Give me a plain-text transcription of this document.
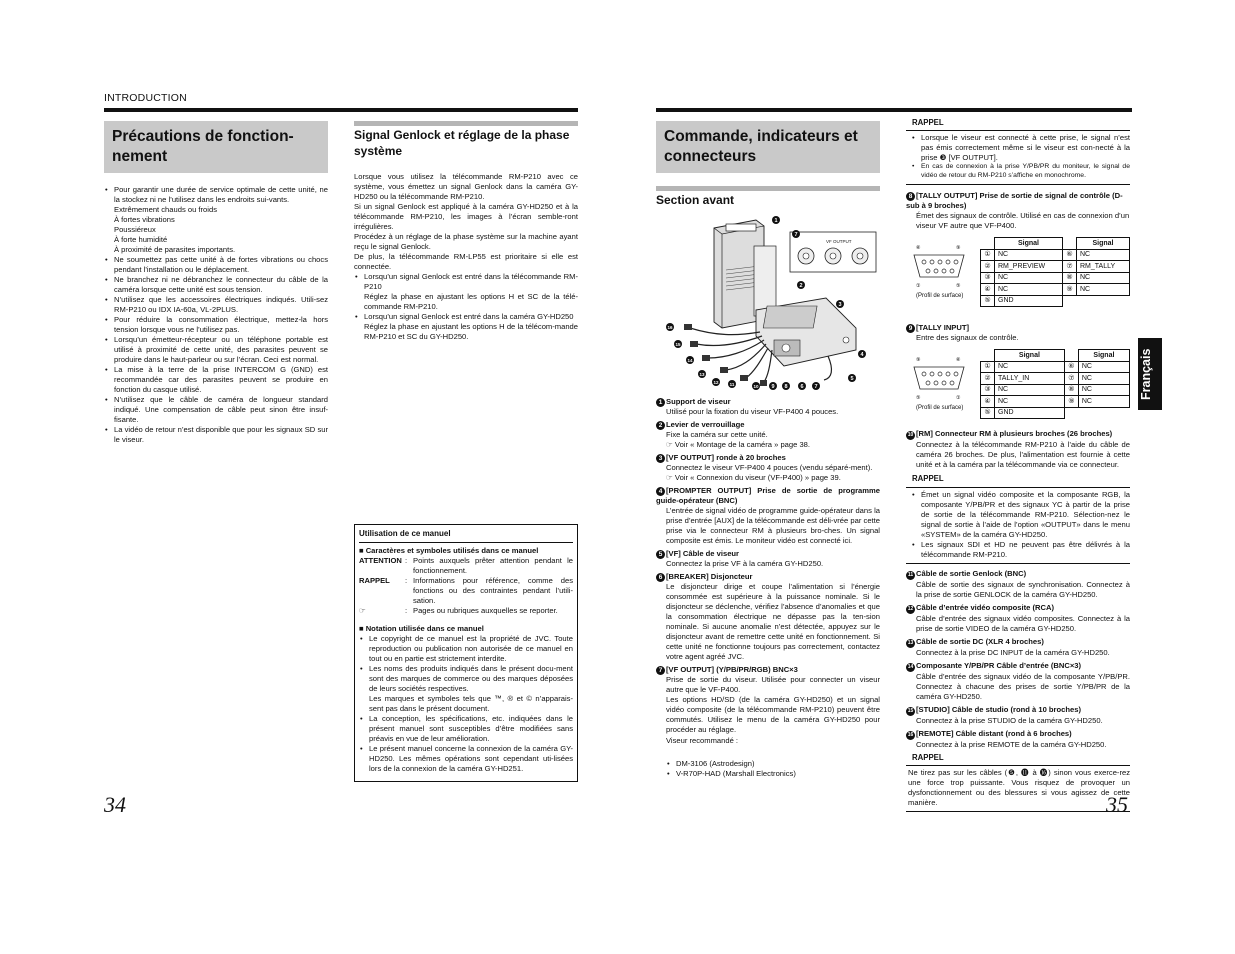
INTRODUCTION
Précautions de fonction-
nement
• Pour garantir une durée de service optimale de cette unité, ne la stockez ni ne l’utilisez dans les endroits sui-vants.
Extrêmement chauds ou froids
À fortes vibrations
Poussiéreux
À forte humidité
À proximité de parasites importants.
• Ne soumettez pas cette unité à de fortes vibrations ou chocs pendant l’installation ou le déplacement.
• Ne branchez ni ne débranchez le connecteur du câble de la caméra lorsque cette unité est sous tension.
• N’utilisez que les accessoires électriques indiqués. Utili-sez RM-P210 ou IDX IA-60a, VL-2PLUS.
• Pour réduire la consommation électrique, mettez-la hors tension lorsque vous ne l’utilisez pas.
• Lorsqu’un émetteur-récepteur ou un téléphone portable est utilisé à proximité de cette unité, des parasites peuvent se produire dans le haut-parleur ou sur l’écran. Ceci est normal.
• La mise à la terre de la prise INTERCOM G (GND) est recommandée car des parasites peuvent se produire en fonction du casque utilisé.
• N’utilisez que le câble de caméra de longueur standard indiqué. Une compensation de câble peut sinon être insuf-fisante.
• La vidéo de retour n’est disponible que pour les signaux SD sur le viseur.
34
Signal Genlock et réglage de la phase système

Lorsque vous utilisez la télécommande RM-P210 avec ce système, vous émettez un signal Genlock dans la caméra GY-HD250 ou la télécommande RM-P210.

Si un signal Genlock est appliqué à la caméra GY-HD250 et à la télécommande RM-P210, les images à l’écran semble-ront irrégulières.

Procédez à un réglage de la phase système sur la machine ayant reçu le signal Genlock.

De plus, la télécommande RM-LP55 est prioritaire si elle est connectée.

• Lorsqu’un signal Genlock est entré dans la télécommande RM-P210
Réglez la phase en ajustant les options H et SC de la télé-commande RM-P210.
• Lorsqu’un signal Genlock est entré dans la caméra GY-HD250
Réglez la phase en ajustant les options H de la télécom-mande RM-P210 et SC du GY-HD250.
Utilisation de ce manuel
■ Caractères et symboles utilisés dans ce manuel
ATTENTION : Points auxquels prêter attention pendant le fonctionnement.
RAPPEL	: Informations pour référence, comme des fonctions ou des contraintes pendant l’utili-sation.
☞	: Pages ou rubriques auxquelles se reporter.
■ Notation utilisée dans ce manuel
• Le copyright de ce manuel est la propriété de JVC. Toute reproduction ou publication non autorisée de ce manuel en tout ou en partie est strictement interdite.
• Les noms des produits indiqués dans le présent docu-ment sont des marques de commerce ou des marques déposées de leurs sociétés respectives.
Les marques et symboles tels que ™, ® et © n’apparais-sent pas dans le présent document.
• La conception, les spécifications, etc. indiquées dans le présent manuel sont susceptibles d’être modifiées sans préavis en vue de leur amélioration.
• Le présent manuel concerne la connexion de la caméra GY-HD250. Les mêmes opérations sont cependant uti-lisées lors de la connexion de la caméra GY-HD251.
Commande, indicateurs et
connecteurs
Section avant
VF OUTPUT
1
2
7
3
4
5
16
15
14
13
12 11	10 9 8 6 7
1 Support de viseur
Utilisé pour la fixation du viseur VF-P400 4 pouces.
2 Levier de verrouillage
Fixe la caméra sur cette unité.
☞ Voir « Montage de la caméra » page 38.
3 [VF OUTPUT] ronde à 20 broches
Connectez le viseur VF-P400 4 pouces (vendu séparé-ment).
☞ Voir « Connexion du viseur (VF-P400) » page 39.
4 [PROMPTER OUTPUT] Prise de sortie de programme guide-opérateur (BNC)
L’entrée de signal vidéo de programme guide-opérateur dans la prise d’entrée [AUX] de la télécommande est déli-vrée par cette prise via le connecteur RM à plusieurs bro-ches. Un signal composite est émis. Le moniteur vidéo est connecté ici.
5 [VF] Câble de viseur
Connectez la prise VF à la caméra GY-HD250.
6 [BREAKER] Disjoncteur
Le disjoncteur dirige et coupe l’alimentation si l’énergie consommée est supérieure à la puissance nominale. Si le disjoncteur se déclenche, vérifiez l’absence d’anomalies et que la consommation électrique ne dépasse pas la ten-sion nominale. Si aucune anomalie n’est détectée, appuyez sur le disjoncteur avant de remettre cette unité en fonctionnement. Si cette unité ne fonctionne toujours pas correctement, contactez votre agent agréé JVC.
7 [VF OUTPUT] (Y/PB/PR/RGB) BNC×3
Prise de sortie du viseur. Utilisée pour connecter un viseur autre que le VF-P400.
Les options HD/SD (de la caméra GY-HD250) et un signal vidéo composite (de la télécommande RM-P210) peuvent être commutés. Utilisez le menu de la caméra GY-HD250 pour procéder au réglage.
Viseur recommandé :
• DM-3106 (Astrodesign)
• V-R70P-HAD (Marshall Electronics)
RAPPEL
• Lorsque le viseur est connecté à cette prise, le signal n’est pas émis correctement même si le viseur est con-necté à la prise ❸ [VF OUTPUT].
• En cas de connexion à la prise Y/PB/PR du moniteur, le signal de vidéo de retour du RM-P210 s’affiche en monochrome.
8 [TALLY OUTPUT] Prise de sortie de signal de contrôle (D-sub à 9 broches)
Émet des signaux de contrôle. Utilisé en cas de connexion d’un viseur VF autre que VF-P400.
⑥	⑨
①	⑤
(Profil de surface)
	Signal		Signal
①	NC	⑥	NC
②	RM_PREVIEW	⑦	RM_TALLY
③	NC	⑧	NC
④	NC	⑨	NC
⑤	GND		
9 [TALLY INPUT]
Entre des signaux de contrôle.
⑨	⑥
⑤	①
(Profil de surface)
	Signal		Signal
①	NC	⑥	NC
②	TALLY_IN	⑦	NC
③	NC	⑧	NC
④	NC	⑨	NC
⑤	GND		
10 [RM] Connecteur RM à plusieurs broches (26 broches)
Connectez à la télécommande RM-P210 à l’aide du câble de caméra 26 broches. De plus, l’alimentation est fournie à cette unité et à la caméra par la télécommande via ce connecteur.
RAPPEL
• Émet un signal vidéo composite et la composante RGB, la composante Y/PB/PR et des signaux YC à partir de la prise de sortie de la télécommande RM-P210. Sélection-nez le signal de sortie à l’aide de l’option «OUTPUT» dans le menu «SYSTEM» de la caméra GY-HD250.
• Les signaux SDI et HD ne peuvent pas être délivrés à la télécommande RM-P210.
11 Câble de sortie Genlock (BNC)
Câble de sortie des signaux de synchronisation. Connectez à la prise de sortie GENLOCK de la caméra GY-HD250.
12 Câble d’entrée vidéo composite (RCA)
Câble d’entrée des signaux vidéo composites. Connectez à la prise de sortie VIDEO de la caméra GY-HD250.
13 Câble de sortie DC (XLR 4 broches)
Connectez à la prise DC INPUT de la caméra GY-HD250.
14 Composante Y/PB/PR Câble d’entrée (BNC×3)
Câble d’entrée des signaux vidéo de la composante Y/PB/PR. Connectez à chacune des prises de sortie Y/PB/PR de la caméra GY-HD250.
15 [STUDIO] Câble de studio (rond à 10 broches)
Connectez à la prise STUDIO de la caméra GY-HD250.
16 [REMOTE] Câble distant (rond à 6 broches)
Connectez à la prise REMOTE de la caméra GY-HD250.
RAPPEL

Ne tirez pas sur les câbles (❺, ⓫ à ⓰) sinon vous exerce-rez une force trop puissante. Vous risquez de provoquer un dysfonctionnement ou des blessures si vous agissez de cette manière.

Français
35
